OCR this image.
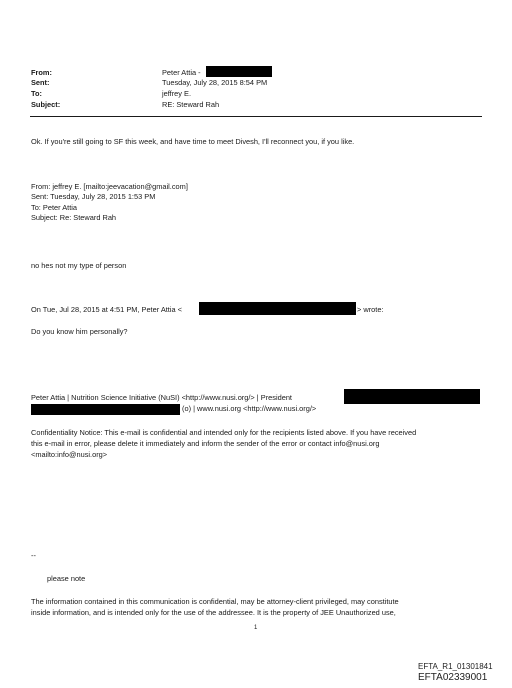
From:
Sent:
To:
Subject:
Peter Attia -
Tuesday, July 28, 2015 8:54 PM
jeffrey E.
RE: Steward Rah
Ok. If you're still going to SF this week, and have time to meet Divesh, I'll reconnect you, if you like.
From: jeffrey E. [mailto:jeevacation@gmail.com]
Sent: Tuesday, July 28, 2015 1:53 PM
To: Peter Attia
Subject: Re: Steward Rah
no hes not my type of person
On Tue, Jul 28, 2015 at 4:51 PM, Peter Attia <	> wrote:
Do you know him personally?
Peter Attia | Nutrition Science Initiative (NuSI) <http://www.nusi.org/> | President
(o) | www.nusi.org <http://www.nusi.org/>
Confidentiality Notice: This e-mail is confidential and intended only for the recipients listed above. If you have received
this e-mail in error, please delete it immediately and inform the sender of the error or contact info@nusi.org
<mailto:info@nusi.org>
--
please note
The information contained in this communication is confidential, may be attorney-client privileged, may constitute
inside information, and is intended only for the use of the addressee. It is the property of JEE Unauthorized use,
1
EFTA_R1_01301841
EFTA02339001
